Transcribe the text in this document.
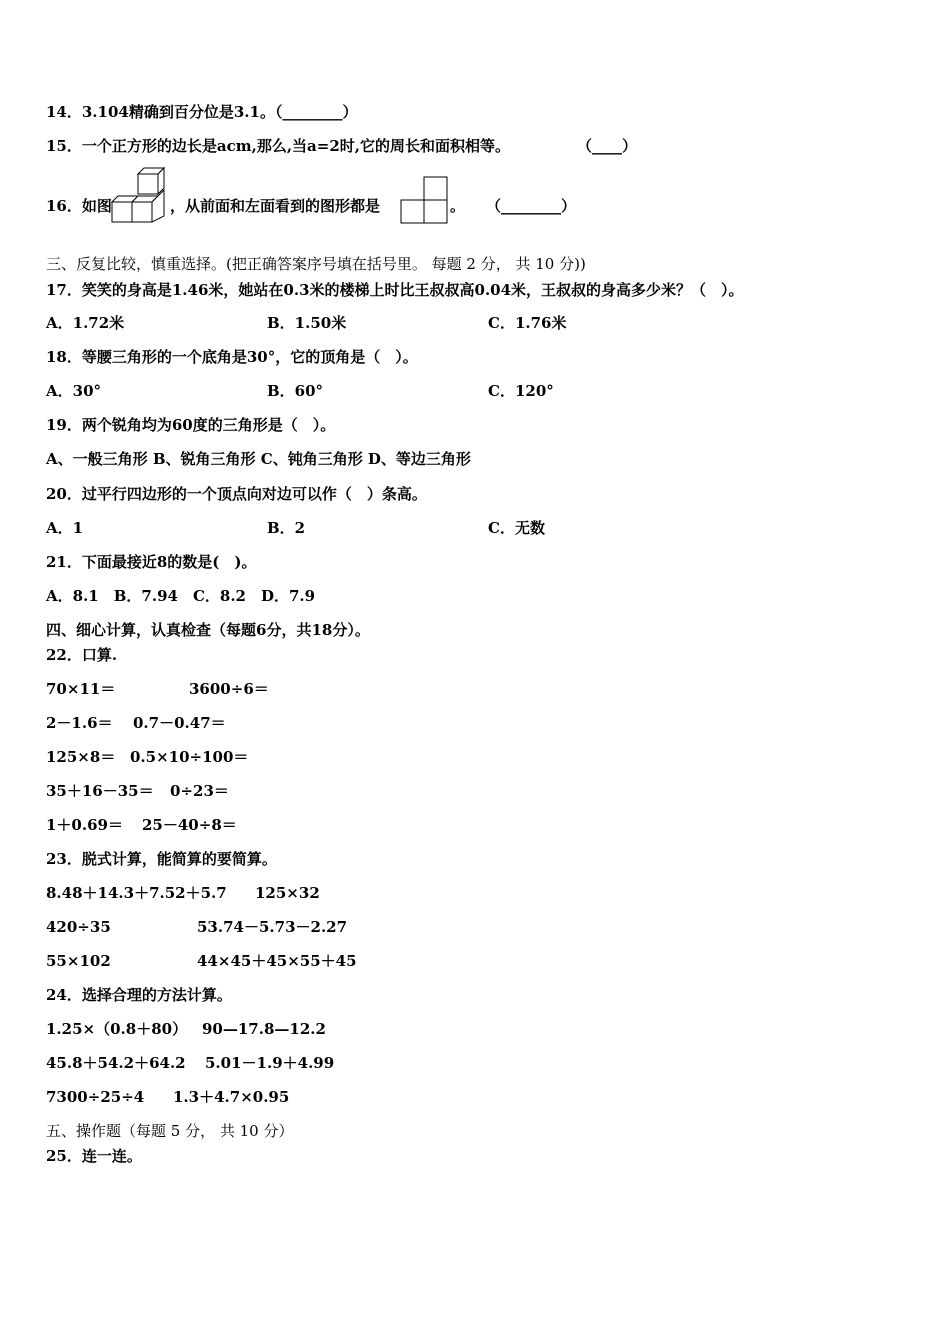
14．3.104精确到百分位是3.1。（________）
15．一个正方形的边长是acm,那么,当a=2时,它的周长和面积相等。	（____）
16．如图	，从前面和左面看到的图形都是	。 （________）
三、反复比较，慎重选择。(把正确答案序号填在括号里。 每题 2 分， 共 10 分))
17．笑笑的身高是1.46米，她站在0.3米的楼梯上时比王叔叔高0.04米，王叔叔的身高多少米？（　）。
A．1.72米	B．1.50米	C．1.76米
18．等腰三角形的一个底角是30°，它的顶角是（　）。
A．30°	B．60°	C．120°
19．两个锐角均为60度的三角形是（　）。
A、一般三角形 B、锐角三角形 C、钝角三角形 D、等边三角形
20．过平行四边形的一个顶点向对边可以作（　）条高。
A．1	B．2	C．无数
21．下面最接近8的数是(　)。
A．8.1　B．7.94　C．8.2　D．7.9
四、细心计算，认真检查（每题6分，共18分）。
22．口算.
70×11＝	3600÷6＝
2－1.6＝ 0.7－0.47＝
125×8＝ 0.5×10÷100＝
35＋16－35＝ 0÷23＝
1＋0.69＝ 25－40÷8＝
23．脱式计算，能简算的要简算。
8.48＋14.3＋7.52＋5.7 125×32
420÷35	53.74－5.73－2.27
55×102	44×45＋45×55＋45
24．选择合理的方法计算。
1.25×（0.8＋80） 90—17.8—12.2
45.8＋54.2＋64.2 5.01－1.9＋4.99
7300÷25÷4 1.3＋4.7×0.95
五、操作题（每题 5 分， 共 10 分）
25．连一连。
